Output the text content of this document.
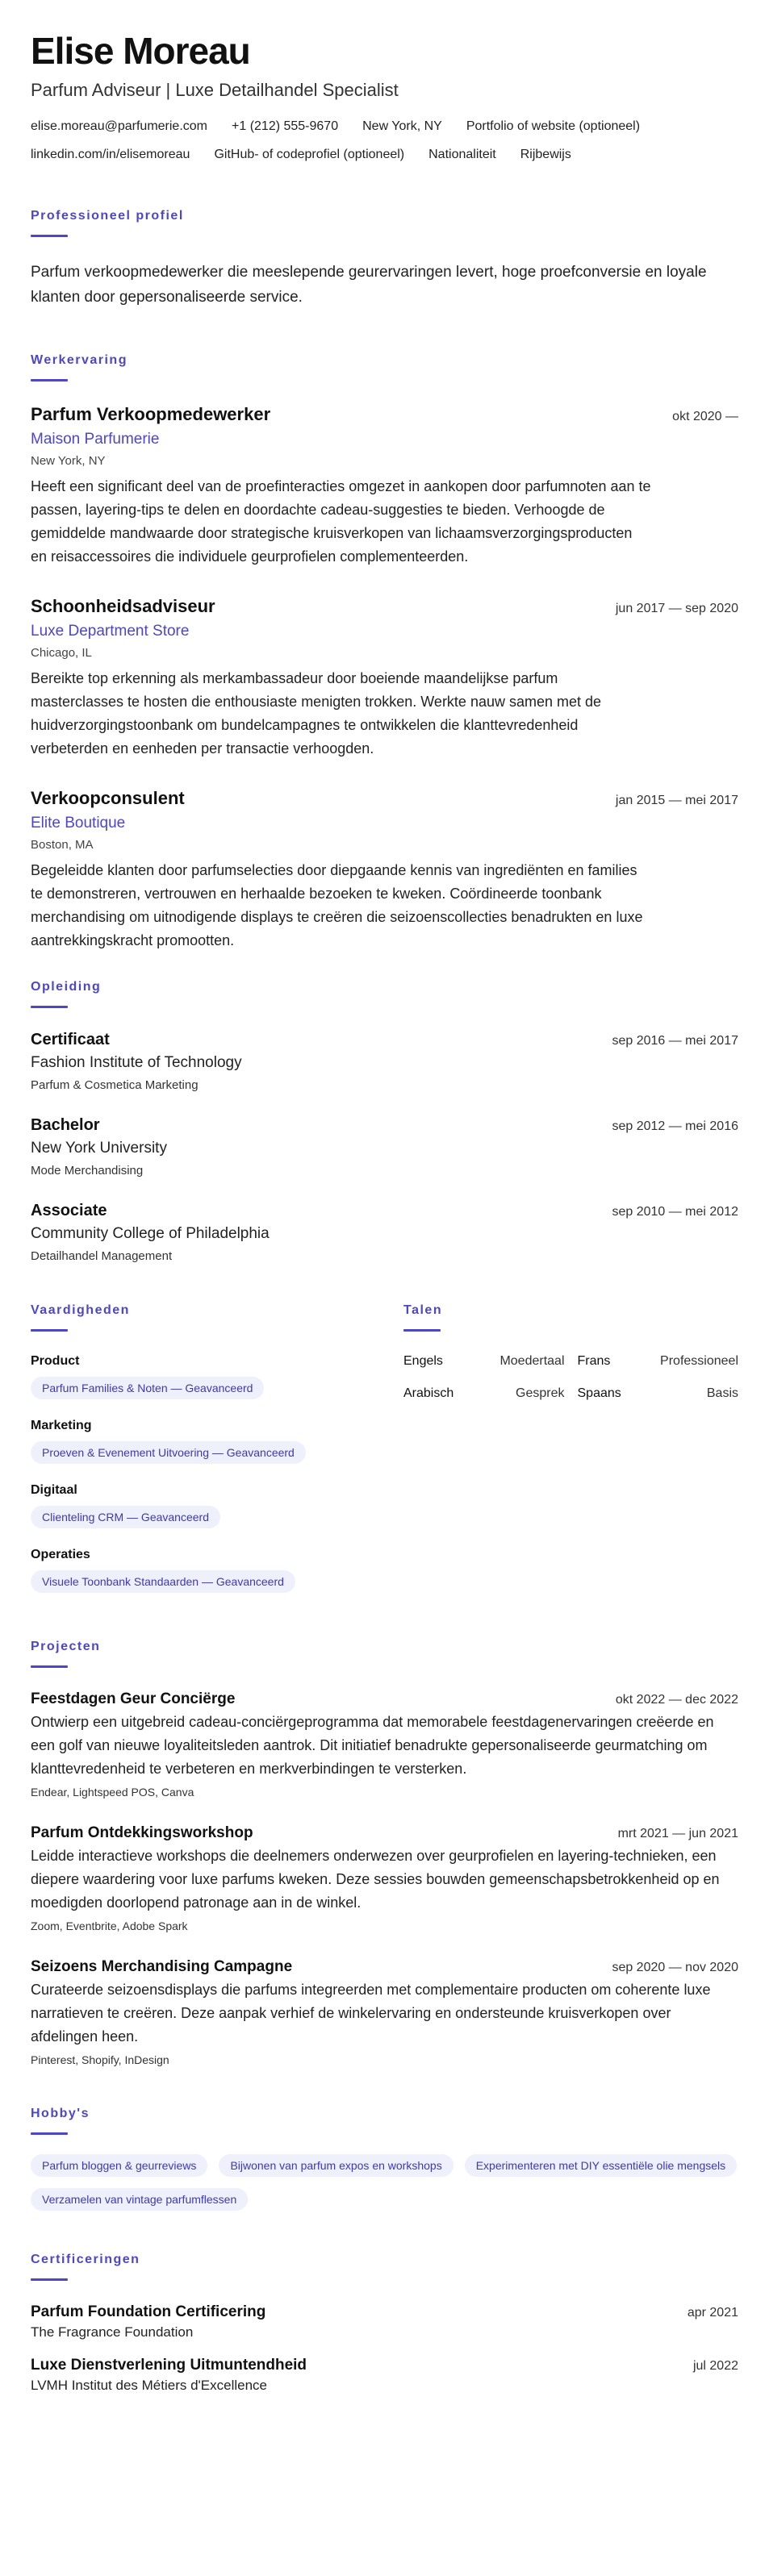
Elise Moreau
Parfum Adviseur | Luxe Detailhandel Specialist
elise.moreau@parfumerie.com +1 (212) 555-9670 New York, NY Portfolio of website (optioneel)
linkedin.com/in/elisemoreau GitHub- of codeprofiel (optioneel) Nationaliteit Rijbewijs
Professioneel profiel

Parfum verkoopmedewerker die meeslepende geurervaringen levert, hoge proefconversie en loyale klanten door gepersonaliseerde service.

Werkervaring
Parfum Verkoopmedewerker	okt 2020 —
Maison Parfumerie
New York, NY

Heeft een significant deel van de proefinteracties omgezet in aankopen door parfumnoten aan te passen, layering-tips te delen en doordachte cadeau-suggesties te bieden. Verhoogde de gemiddelde mandwaarde door strategische kruisverkopen van lichaamsverzorgingsproducten en reisaccessoires die individuele geurprofielen complementeerden.

Schoonheidsadviseur	jun 2017 — sep 2020
Luxe Department Store
Chicago, IL

Bereikte top erkenning als merkambassadeur door boeiende maandelijkse parfum masterclasses te hosten die enthousiaste menigten trokken. Werkte nauw samen met de huidverzorgingstoonbank om bundelcampagnes te ontwikkelen die klanttevredenheid verbeterden en eenheden per transactie verhoogden.

Verkoopconsulent	jan 2015 — mei 2017
Elite Boutique
Boston, MA

Begeleidde klanten door parfumselecties door diepgaande kennis van ingrediënten en families te demonstreren, vertrouwen en herhaalde bezoeken te kweken. Coördineerde toonbank merchandising om uitnodigende displays te creëren die seizoenscollecties benadrukten en luxe aantrekkingskracht promootten.

Opleiding
Certificaat	sep 2016 — mei 2017
Fashion Institute of Technology
Parfum & Cosmetica Marketing
Bachelor	sep 2012 — mei 2016
New York University
Mode Merchandising
Associate	sep 2010 — mei 2012
Community College of Philadelphia
Detailhandel Management
Vaardigheden
Product
Parfum Families & Noten — Geavanceerd
Marketing
Proeven & Evenement Uitvoering — Geavanceerd
Digitaal
Clienteling CRM — Geavanceerd
Operaties
Visuele Toonbank Standaarden — Geavanceerd
Talen
Engels	Moedertaal Frans	Professioneel
Arabisch	Gesprek Spaans	Basis
Projecten
Feestdagen Geur Conciërge	okt 2022 — dec 2022

Ontwierp een uitgebreid cadeau-conciërgeprogramma dat memorabele feestdagenervaringen creëerde en een golf van nieuwe loyaliteitsleden aantrok. Dit initiatief benadrukte gepersonaliseerde geurmatching om klanttevredenheid te verbeteren en merkverbindingen te versterken.

Endear, Lightspeed POS, Canva
Parfum Ontdekkingsworkshop	mrt 2021 — jun 2021

Leidde interactieve workshops die deelnemers onderwezen over geurprofielen en layering-technieken, een diepere waardering voor luxe parfums kweken. Deze sessies bouwden gemeenschapsbetrokkenheid op en moedigden doorlopend patronage aan in de winkel.

Zoom, Eventbrite, Adobe Spark
Seizoens Merchandising Campagne	sep 2020 — nov 2020

Curateerde seizoensdisplays die parfums integreerden met complementaire producten om coherente luxe narratieven te creëren. Deze aanpak verhief de winkelervaring en ondersteunde kruisverkopen over afdelingen heen.

Pinterest, Shopify, InDesign
Hobby's
Parfum bloggen & geurreviews	Bijwonen van parfum expos en workshops	Experimenteren met DIY essentiële olie mengsels
Verzamelen van vintage parfumflessen
Certificeringen
Parfum Foundation Certificering	apr 2021
The Fragrance Foundation
Luxe Dienstverlening Uitmuntendheid	jul 2022
LVMH Institut des Métiers d'Excellence
